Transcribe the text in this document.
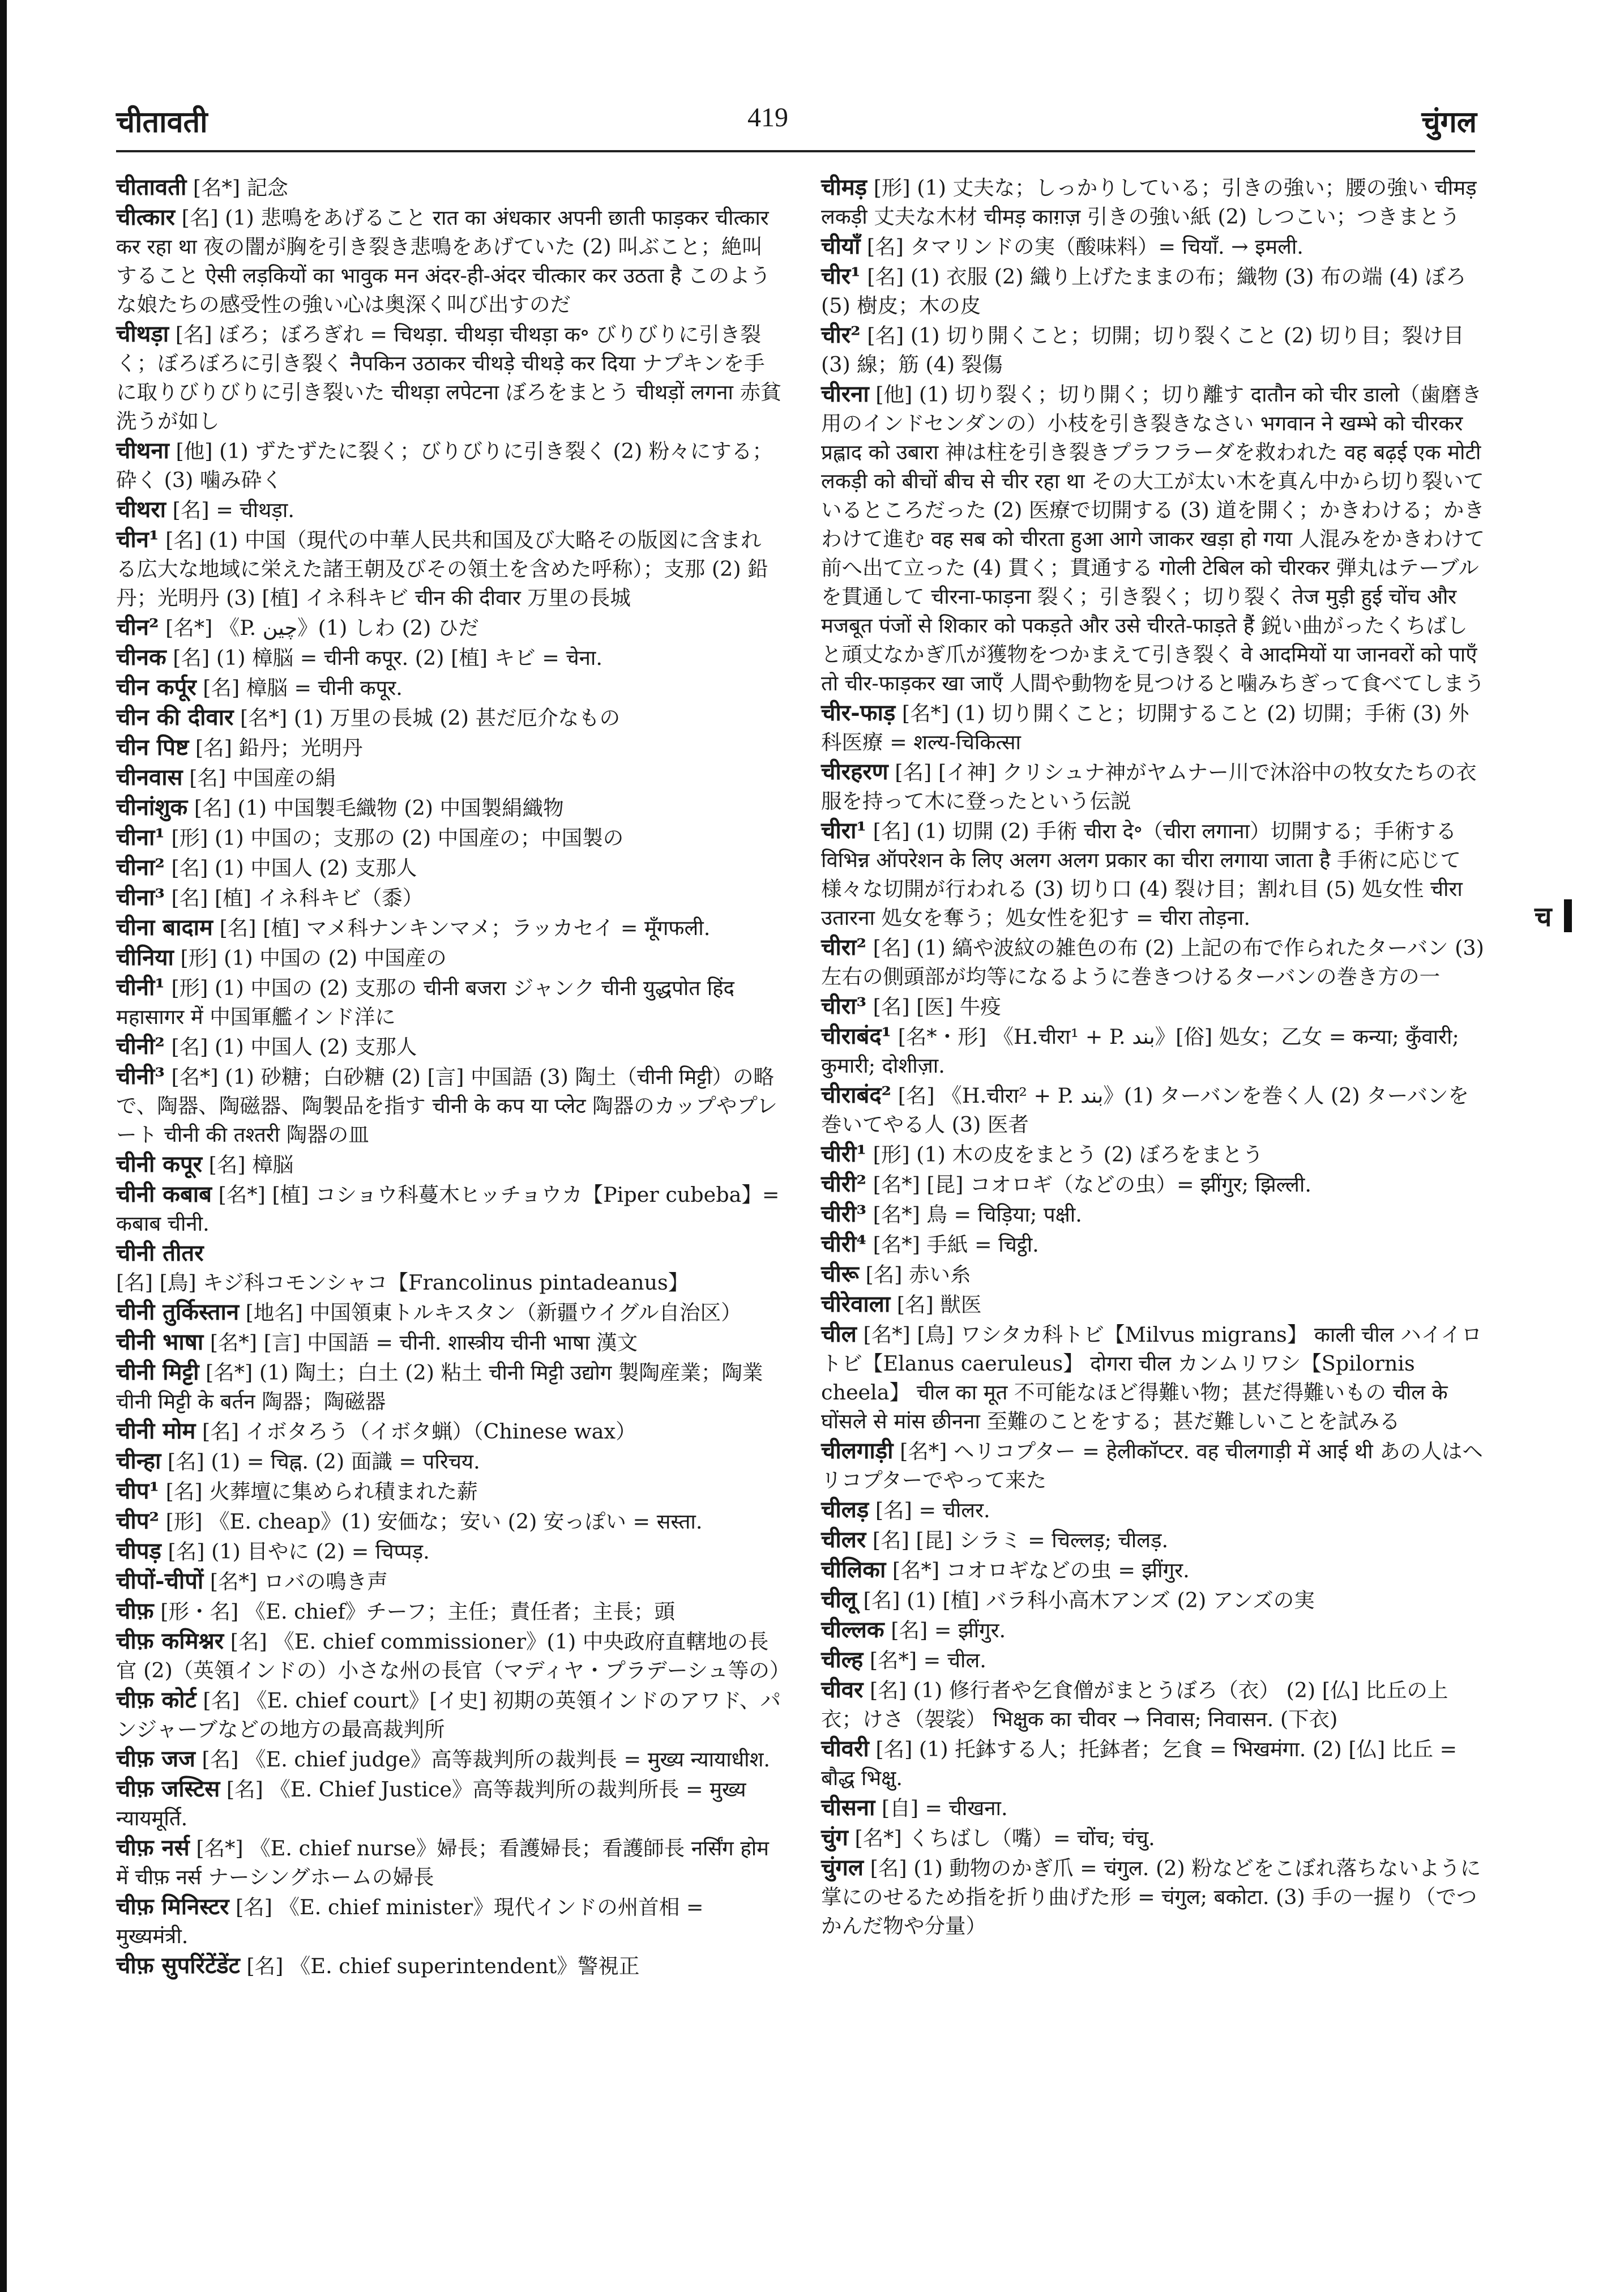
चीतावती	419	चुंगल
चीतावती [名*] 記念
चीत्कार [名] (1) 悲鳴をあげること रात का अंधकार अपनी छाती फाड़कर चीत्कार कर रहा था 夜の闇が胸を引き裂き悲鳴をあげていた (2) 叫ぶこと；絶叫すること ऐसी लड़कियों का भावुक मन अंदर-ही-अंदर चीत्कार कर उठता है このような娘たちの感受性の強い心は奥深く叫び出すのだ
चीथड़ा [名] ぼろ；ぼろぎれ = चिथड़ा. चीथड़ा चीथड़ा क॰ びりびりに引き裂く；ぼろぼろに引き裂く नैपकिन उठाकर चीथड़े चीथड़े कर दिया ナプキンを手に取りびりびりに引き裂いた चीथड़ा लपेटना ぼろをまとう चीथड़ों लगना 赤貧洗うが如し
चीथना [他] (1) ずたずたに裂く；びりびりに引き裂く (2) 粉々にする；砕く (3) 噛み砕く
चीथरा [名] = चीथड़ा.
चीन¹ [名] (1) 中国（現代の中華人民共和国及び大略その版図に含まれる広大な地域に栄えた諸王朝及びその領土を含めた呼称）；支那 (2) 鉛丹；光明丹 (3) [植] イネ科キビ चीन की दीवार 万里の長城
चीन² [名*] 《P. چين》(1) しわ (2) ひだ
चीनक [名] (1) 樟脳 = चीनी कपूर. (2) [植] キビ = चेना.
चीन कर्पूर [名] 樟脳 = चीनी कपूर.
चीन की दीवार [名*] (1) 万里の長城 (2) 甚だ厄介なもの
चीन पिष्ट [名] 鉛丹；光明丹
चीनवास [名] 中国産の絹
चीनांशुक [名] (1) 中国製毛織物 (2) 中国製絹織物
चीना¹ [形] (1) 中国の；支那の (2) 中国産の；中国製の
चीना² [名] (1) 中国人 (2) 支那人
चीना³ [名] [植] イネ科キビ（黍）
चीना बादाम [名] [植] マメ科ナンキンマメ；ラッカセイ = मूँगफली.
चीनिया [形] (1) 中国の (2) 中国産の
चीनी¹ [形] (1) 中国の (2) 支那の चीनी बजरा ジャンク चीनी युद्धपोत हिंद महासागर में 中国軍艦インド洋に
चीनी² [名] (1) 中国人 (2) 支那人
चीनी³ [名*] (1) 砂糖；白砂糖 (2) [言] 中国語 (3) 陶土（चीनी मिट्टी）の略で、陶器、陶磁器、陶製品を指す चीनी के कप या प्लेट 陶器のカップやプレート चीनी की तश्तरी 陶器の皿
चीनी कपूर [名] 樟脳
चीनी कबाब [名*] [植] コショウ科蔓木ヒッチョウカ【Piper cubeba】= कबाब चीनी.
चीनी तीतर [名] [鳥] キジ科コモンシャコ【Francolinus pintadeanus】
चीनी तुर्किस्तान [地名] 中国領東トルキスタン（新疆ウイグル自治区）
चीनी भाषा [名*] [言] 中国語 = चीनी. शास्त्रीय चीनी भाषा 漢文
चीनी मिट्टी [名*] (1) 陶土；白土 (2) 粘土 चीनी मिट्टी उद्योग 製陶産業；陶業 चीनी मिट्टी के बर्तन 陶器；陶磁器
चीनी मोम [名] イボタろう（イボタ蝋）（Chinese wax）
चीन्हा [名] (1) = चिह्न. (2) 面識 = परिचय.
चीप¹ [名] 火葬壇に集められ積まれた薪
चीप² [形] 《E. cheap》(1) 安価な；安い (2) 安っぽい = सस्ता.
चीपड़ [名] (1) 目やに (2) = चिप्पड़.
चीपों-चीपों [名*] ロバの鳴き声
चीफ़ [形・名] 《E. chief》チーフ；主任；責任者；主長；頭
चीफ़ कमिश्नर [名] 《E. chief commissioner》(1) 中央政府直轄地の長官 (2)（英領インドの）小さな州の長官（マディヤ・プラデーシュ等の）
चीफ़ कोर्ट [名] 《E. chief court》[イ史] 初期の英領インドのアワド、パンジャーブなどの地方の最高裁判所
चीफ़ जज [名] 《E. chief judge》高等裁判所の裁判長 = मुख्य न्यायाधीश.
चीफ़ जस्टिस [名] 《E. Chief Justice》高等裁判所の裁判所長 = मुख्य न्यायमूर्ति.
चीफ़ नर्स [名*] 《E. chief nurse》婦長；看護婦長；看護師長 नर्सिंग होम में चीफ़ नर्स ナーシングホームの婦長
चीफ़ मिनिस्टर [名] 《E. chief minister》現代インドの州首相 = मुख्यमंत्री.
चीफ़ सुपरिंटेंडेंट [名] 《E. chief superintendent》警視正
चीमड़ [形] (1) 丈夫な；しっかりしている；引きの強い；腰の強い चीमड़ लकड़ी 丈夫な木材 चीमड़ काग़ज़ 引きの強い紙 (2) しつこい；つきまとう
चीयाँ [名] タマリンドの実（酸味料）= चियाँ. → इमली.
चीर¹ [名] (1) 衣服 (2) 織り上げたままの布；織物 (3) 布の端 (4) ぼろ (5) 樹皮；木の皮
चीर² [名] (1) 切り開くこと；切開；切り裂くこと (2) 切り目；裂け目 (3) 線；筋 (4) 裂傷
चीरना [他] (1) 切り裂く；切り開く；切り離す दातौन को चीर डालो（歯磨き用のインドセンダンの）小枝を引き裂きなさい भगवान ने खम्भे को चीरकर प्रह्लाद को उबारा 神は柱を引き裂きプラフラーダを救われた वह बढ़ई एक मोटी लकड़ी को बीचों बीच से चीर रहा था その大工が太い木を真ん中から切り裂いているところだった (2) 医療で切開する (3) 道を開く；かきわける；かきわけて進む वह सब को चीरता हुआ आगे जाकर खड़ा हो गया 人混みをかきわけて前へ出て立った (4) 貫く；貫通する गोली टेबिल को चीरकर 弾丸はテーブルを貫通して चीरना-फाड़ना 裂く；引き裂く；切り裂く तेज मुड़ी हुई चोंच और मजबूत पंजों से शिकार को पकड़ते और उसे चीरते-फाड़ते हैं 鋭い曲がったくちばしと頑丈なかぎ爪が獲物をつかまえて引き裂く वे आदमियों या जानवरों को पाएँ तो चीर-फाड़कर खा जाएँ 人間や動物を見つけると噛みちぎって食べてしまう
चीर-फाड़ [名*] (1) 切り開くこと；切開すること (2) 切開；手術 (3) 外科医療 = शल्य-चिकित्सा
चीरहरण [名] [イ神] クリシュナ神がヤムナー川で沐浴中の牧女たちの衣服を持って木に登ったという伝説
चीरा¹ [名] (1) 切開 (2) 手術 चीरा दे॰（चीरा लगाना）切開する；手術する विभिन्न ऑपरेशन के लिए अलग अलग प्रकार का चीरा लगाया जाता है 手術に応じて様々な切開が行われる (3) 切り口 (4) 裂け目；割れ目 (5) 処女性 चीरा उतारना 処女を奪う；処女性を犯す = चीरा तोड़ना.
चीरा² [名] (1) 縞や波紋の雑色の布 (2) 上記の布で作られたターバン (3) 左右の側頭部が均等になるように巻きつけるターバンの巻き方の一
चीरा³ [名] [医] 牛疫
चीराबंद¹ [名*・形] 《H.चीरा¹ + P. بند》[俗] 処女；乙女 = कन्या; कुँवारी; कुमारी; दोशीज़ा.
चीराबंद² [名] 《H.चीरा² + P. بند》(1) ターバンを巻く人 (2) ターバンを巻いてやる人 (3) 医者
चीरी¹ [形] (1) 木の皮をまとう (2) ぼろをまとう
चीरी² [名*] [昆] コオロギ（などの虫）= झींगुर; झिल्ली.
चीरी³ [名*] 鳥 = चिड़िया; पक्षी.
चीरी⁴ [名*] 手紙 = चिट्ठी.
चीरू [名] 赤い糸
चीरेवाला [名] 獣医
चील [名*] [鳥] ワシタカ科トビ【Milvus migrans】 काली चील ハイイロトビ【Elanus caeruleus】 दोगरा चील カンムリワシ【Spilornis cheela】 चील का मूत 不可能なほど得難い物；甚だ得難いもの चील के घोंसले से मांस छीनना 至難のことをする；甚だ難しいことを試みる
चीलगाड़ी [名*] ヘリコプター = हेलीकॉप्टर. वह चीलगाड़ी में आई थी あの人はヘリコプターでやって来た
चीलड़ [名] = चीलर.
चीलर [名] [昆] シラミ = चिल्लड़; चीलड़.
चीलिका [名*] コオロギなどの虫 = झींगुर.
चीलू [名] (1) [植] バラ科小高木アンズ (2) アンズの実
चील्लक [名] = झींगुर.
चील्ह [名*] = चील.
चीवर [名] (1) 修行者や乞食僧がまとうぼろ（衣） (2) [仏] 比丘の上衣；けさ（袈裟） भिक्षुक का चीवर → निवास; निवासन. (下衣)
चीवरी [名] (1) 托鉢する人；托鉢者；乞食 = भिखमंगा. (2) [仏] 比丘 = बौद्ध भिक्षु.
चीसना [自] = चीखना.
चुंग [名*] くちばし（嘴）= चोंच; चंचु.
चुंगल [名] (1) 動物のかぎ爪 = चंगुल. (2) 粉などをこぼれ落ちないように掌にのせるため指を折り曲げた形 = चंगुल; बकोटा. (3) 手の一握り（でつかんだ物や分量）
च
